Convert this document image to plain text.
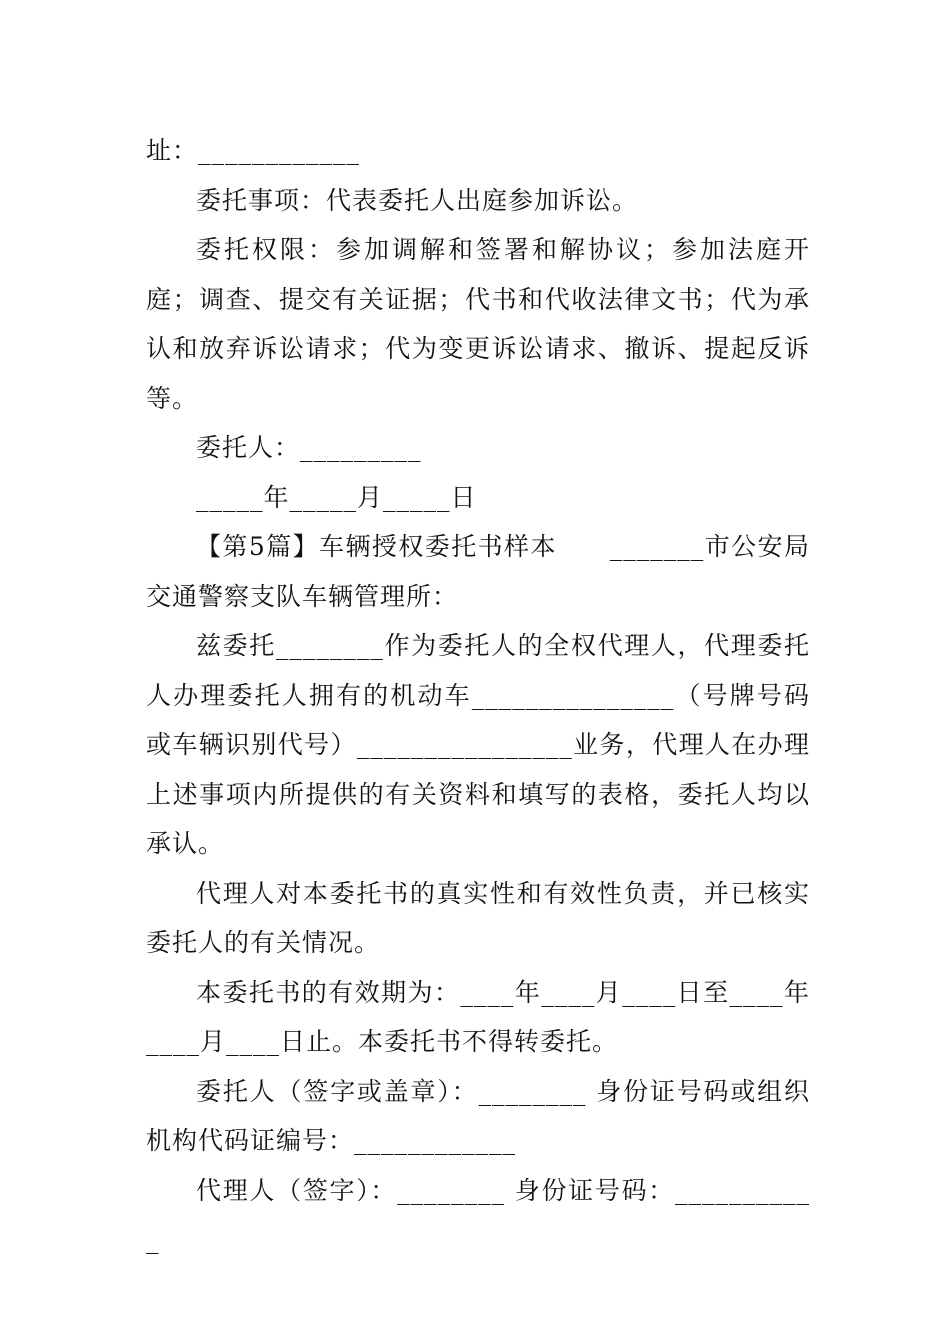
址：____________

委托事项：代表委托人出庭参加诉讼。

委托权限：参加调解和签署和解协议；参加法庭开庭；调查、提交有关证据；代书和代收法律文书；代为承认和放弃诉讼请求；代为变更诉讼请求、撤诉、提起反诉等。

委托人：_________

_____年_____月_____日

【第5篇】车辆授权委托书样本　　_______市公安局交通警察支队车辆管理所：

兹委托________作为委托人的全权代理人，代理委托人办理委托人拥有的机动车_______________（号牌号码或车辆识别代号）________________业务，代理人在办理上述事项内所提供的有关资料和填写的表格，委托人均以承认。

代理人对本委托书的真实性和有效性负责，并已核实委托人的有关情况。

本委托书的有效期为：____年____月____日至____年____月____日止。本委托书不得转委托。

委托人（签字或盖章）：________ 身份证号码或组织机构代码证编号：____________

代理人（签字）：________ 身份证号码：___________
